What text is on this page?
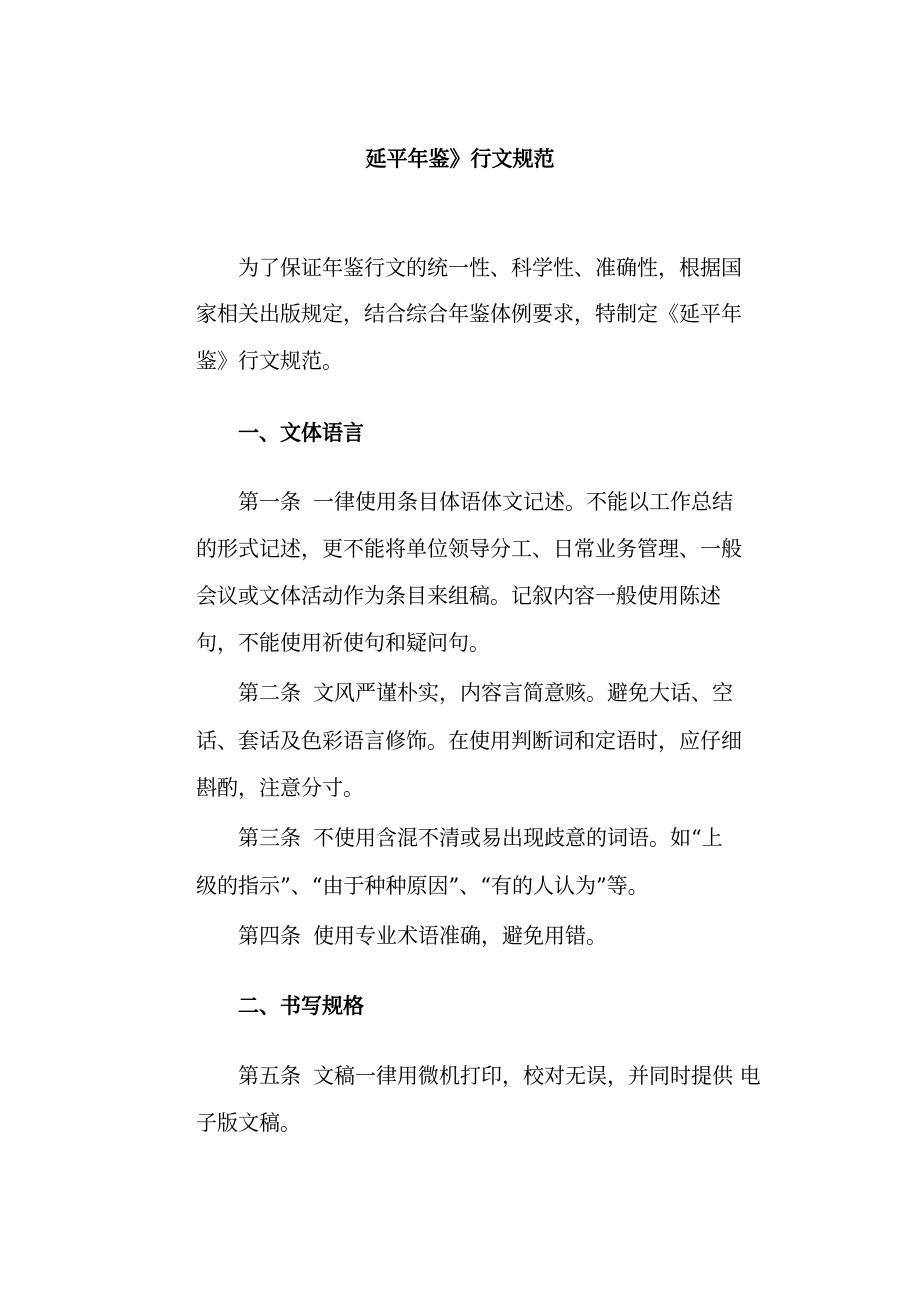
延平年鉴》行文规范
为了保证年鉴行文的统一性、科学性、准确性，根据国
家相关出版规定，结合综合年鉴体例要求，特制定《延平年
鉴》行文规范。
一、文体语言
第一条 一律使用条目体语体文记述。不能以工作总结
的形式记述，更不能将单位领导分工、日常业务管理、一般
会议或文体活动作为条目来组稿。记叙内容一般使用陈述
句，不能使用祈使句和疑问句。
第二条 文风严谨朴实，内容言简意赅。避免大话、空
话、套话及色彩语言修饰。在使用判断词和定语时，应仔细
斟酌，注意分寸。
第三条 不使用含混不清或易出现歧意的词语。如“上
级的指示”、“由于种种原因”、“有的人认为”等。
第四条 使用专业术语准确，避免用错。
二、书写规格
第五条 文稿一律用微机打印，校对无误，并同时提供 电
子版文稿。
